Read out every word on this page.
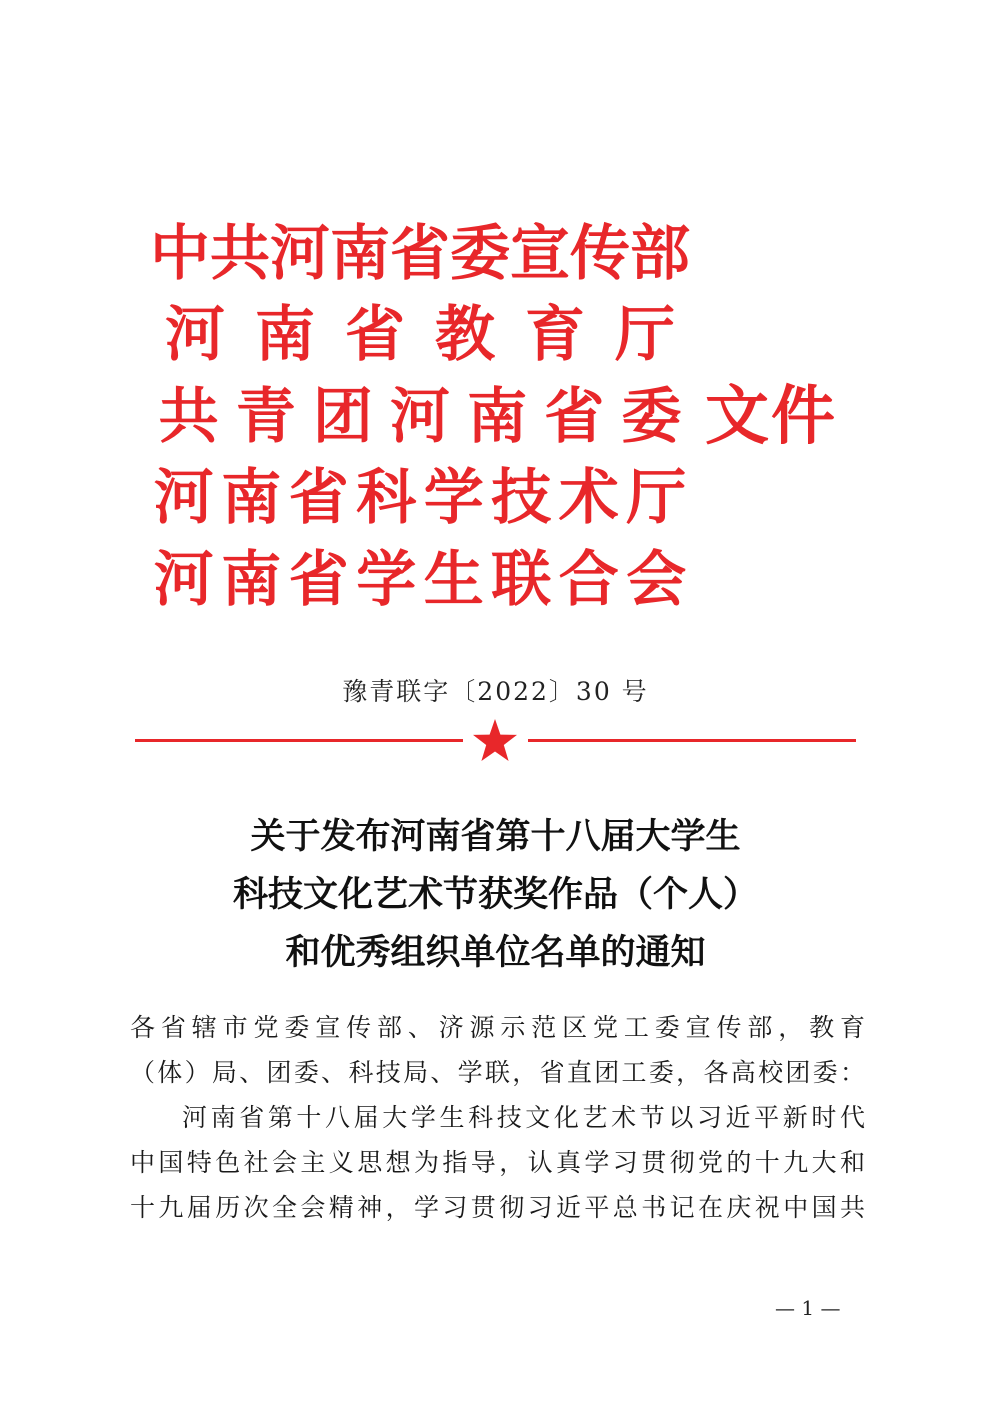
中共河南省委宣传部
河 南 省 教 育 厅
共 青 团 河 南 省 委
河 南 省 科 学 技 术 厅
河 南 省 学 生 联 合 会
文件
豫青联字〔2022〕30 号
关于发布河南省第十八届大学生
科技文化艺术节获奖作品（个人）
和优秀组织单位名单的通知
各省辖市党委宣传部、济源示范区党工委宣传部，教育
（体）局、团委、科技局、学联，省直团工委，各高校团委：
河南省第十八届大学生科技文化艺术节以习近平新时代
中国特色社会主义思想为指导，认真学习贯彻党的十九大和
十九届历次全会精神，学习贯彻习近平总书记在庆祝中国共
— 1 —
